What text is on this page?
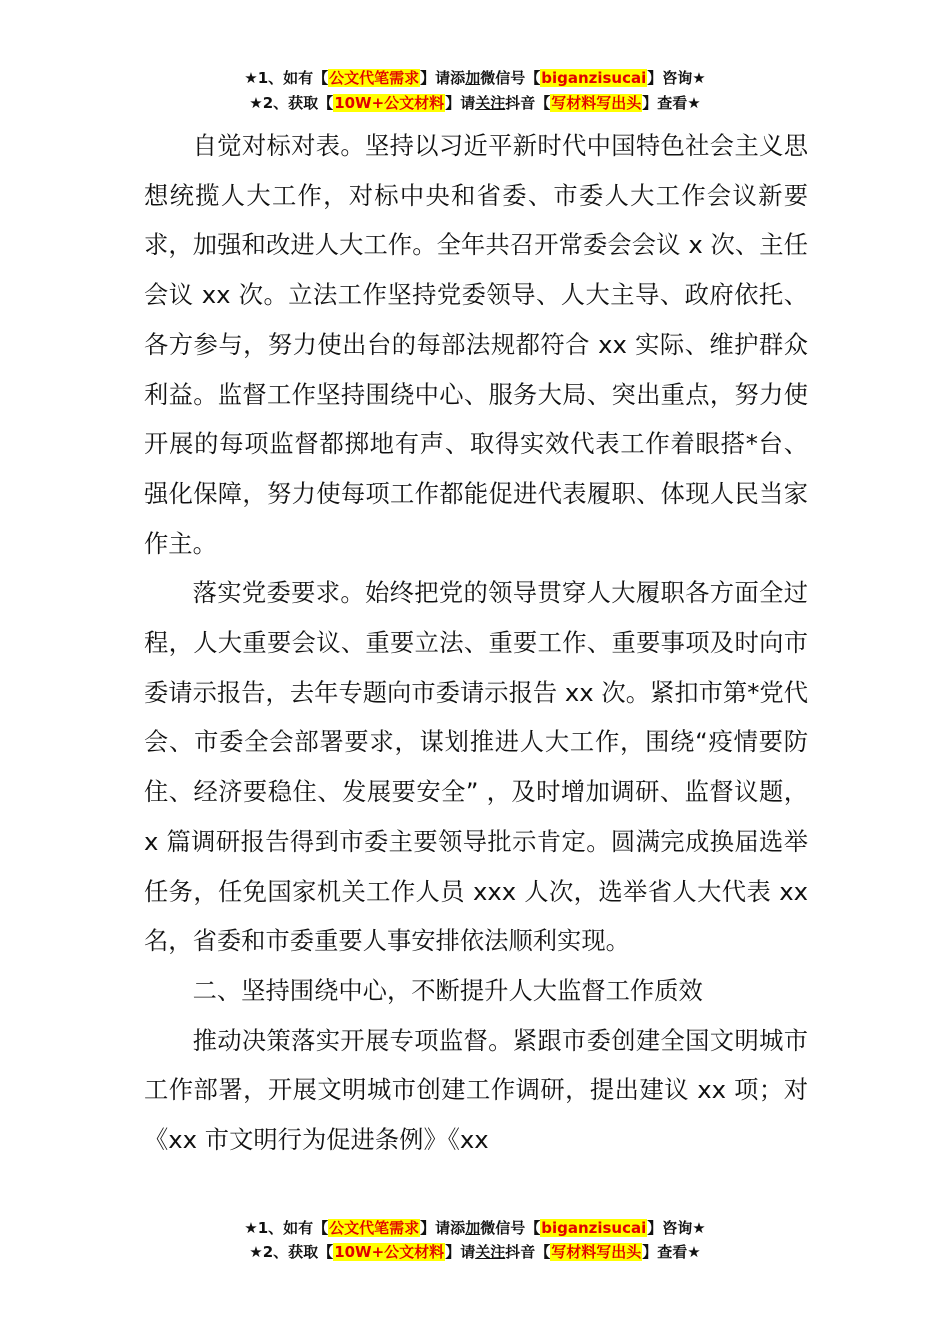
★1、如有【公文代笔需求】请添加微信号【biganzisucai】咨询★
★2、获取【10W+公文材料】请关注抖音【写材料写出头】查看★

自觉对标对表。坚持以习近平新时代中国特色社会主义思想统揽人大工作，对标中央和省委、市委人大工作会议新要求，加强和改进人大工作。全年共召开常委会会议 x 次、主任会议 xx 次。立法工作坚持党委领导、人大主导、政府依托、各方参与，努力使出台的每部法规都符合 xx 实际、维护群众利益。监督工作坚持围绕中心、服务大局、突出重点，努力使开展的每项监督都掷地有声、取得实效代表工作着眼搭*台、强化保障，努力使每项工作都能促进代表履职、体现人民当家作主。

落实党委要求。始终把党的领导贯穿人大履职各方面全过程，人大重要会议、重要立法、重要工作、重要事项及时向市委请示报告，去年专题向市委请示报告 xx 次。紧扣市第*党代会、市委全会部署要求，谋划推进人大工作，围绕“疫情要防住、经济要稳住、发展要安全” ，及时增加调研、监督议题，x 篇调研报告得到市委主要领导批示肯定。圆满完成换届选举任务，任免国家机关工作人员 xxx 人次，选举省人大代表 xx 名，省委和市委重要人事安排依法顺利实现。

二、坚持围绕中心，不断提升人大监督工作质效

推动决策落实开展专项监督。紧跟市委创建全国文明城市工作部署，开展文明城市创建工作调研，提出建议 xx 项；对《xx 市文明行为促进条例》《xx

★1、如有【公文代笔需求】请添加微信号【biganzisucai】咨询★
★2、获取【10W+公文材料】请关注抖音【写材料写出头】查看★
